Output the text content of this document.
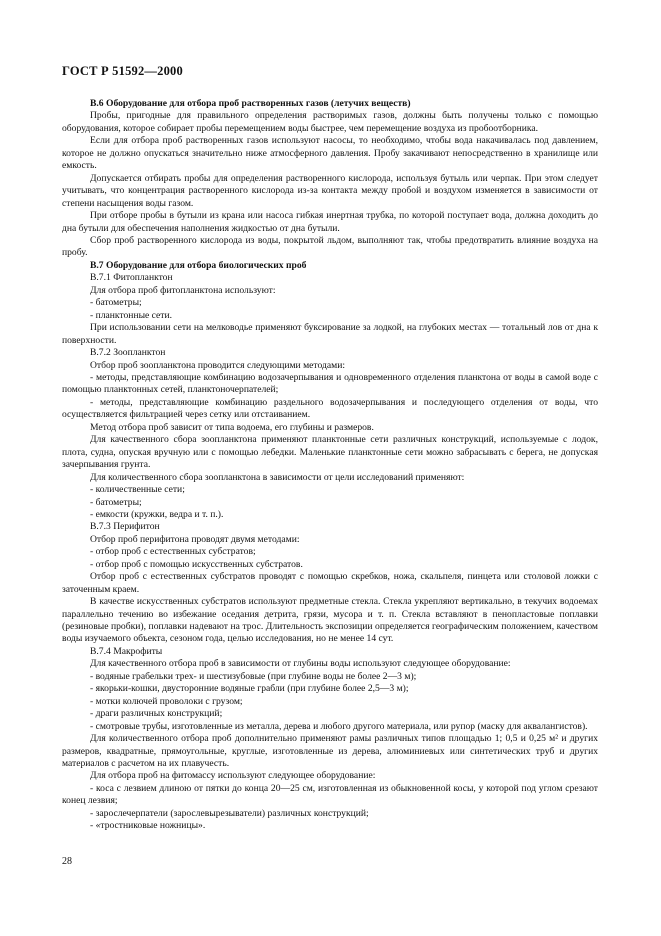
ГОСТ Р 51592—2000

В.6 Оборудование для отбора проб растворенных газов (летучих веществ)

Пробы, пригодные для правильного определения растворимых газов, должны быть получены только с помощью оборудования, которое собирает пробы перемещением воды быстрее, чем перемещение воздуха из пробоотборника.

Если для отбора проб растворенных газов используют насосы, то необходимо, чтобы вода накачивалась под давлением, которое не должно опускаться значительно ниже атмосферного давления. Пробу закачивают непосредственно в хранилище или емкость.

Допускается отбирать пробы для определения растворенного кислорода, используя бутыль или черпак. При этом следует учитывать, что концентрация растворенного кислорода из-за контакта между пробой и воздухом изменяется в зависимости от степени насыщения воды газом.

При отборе пробы в бутыли из крана или насоса гибкая инертная трубка, по которой поступает вода, должна доходить до дна бутыли для обеспечения наполнения жидкостью от дна бутыли.

Сбор проб растворенного кислорода из воды, покрытой льдом, выполняют так, чтобы предотвратить влияние воздуха на пробу.

В.7 Оборудование для отбора биологических проб

В.7.1 Фитопланктон

Для отбора проб фитопланктона используют:

- батометры;

- планктонные сети.

При использовании сети на мелководье применяют буксирование за лодкой, на глубоких местах — тотальный лов от дна к поверхности.

В.7.2 Зоопланктон

Отбор проб зоопланктона проводится следующими методами:

- методы, представляющие комбинацию водозачерпывания и одновременного отделения планктона от воды в самой воде с помощью планктонных сетей, планктоночерпателей;

- методы, представляющие комбинацию раздельного водозачерпывания и последующего отделения от воды, что осуществляется фильтрацией через сетку или отстаиванием.

Метод отбора проб зависит от типа водоема, его глубины и размеров.

Для качественного сбора зоопланктона применяют планктонные сети различных конструкций, используемые с лодок, плота, судна, опуская вручную или с помощью лебедки. Маленькие планктонные сети можно забрасывать с берега, не допуская зачерпывания грунта.

Для количественного сбора зоопланктона в зависимости от цели исследований применяют:

- количественные сети;

- батометры;

- емкости (кружки, ведра и т. п.).

В.7.3 Перифитон

Отбор проб перифитона проводят двумя методами:

- отбор проб с естественных субстратов;

- отбор проб с помощью искусственных субстратов.

Отбор проб с естественных субстратов проводят с помощью скребков, ножа, скальпеля, пинцета или столовой ложки с заточенным краем.

В качестве искусственных субстратов используют предметные стекла. Стекла укрепляют вертикально, в текучих водоемах параллельно течению во избежание оседания детрита, грязи, мусора и т. п. Стекла вставляют в пенопластовые поплавки (резиновые пробки), поплавки надевают на трос. Длительность экспозиции определяется географическим положением, качеством воды изучаемого объекта, сезоном года, целью исследования, но не менее 14 сут.

В.7.4 Макрофиты

Для качественного отбора проб в зависимости от глубины воды используют следующее оборудование:

- водяные грабельки трех- и шестизубовые (при глубине воды не более 2—3 м);

- якорьки-кошки, двусторонние водяные грабли (при глубине более 2,5—3 м);

- мотки колючей проволоки с грузом;

- драги различных конструкций;

- смотровые трубы, изготовленные из металла, дерева и любого другого материала, или рупор (маску для аквалангистов).

Для количественного отбора проб дополнительно применяют рамы различных типов площадью 1; 0,5 и 0,25 м² и других размеров, квадратные, прямоугольные, круглые, изготовленные из дерева, алюминиевых или синтетических труб и других материалов с расчетом на их плавучесть.

Для отбора проб на фитомассу используют следующее оборудование:

- коса с лезвием длиною от пятки до конца 20—25 см, изготовленная из обыкновенной косы, у которой под углом срезают конец лезвия;

- зарослечерпатели (зарослевырезыватели) различных конструкций;

- «тростниковые ножницы».

28
